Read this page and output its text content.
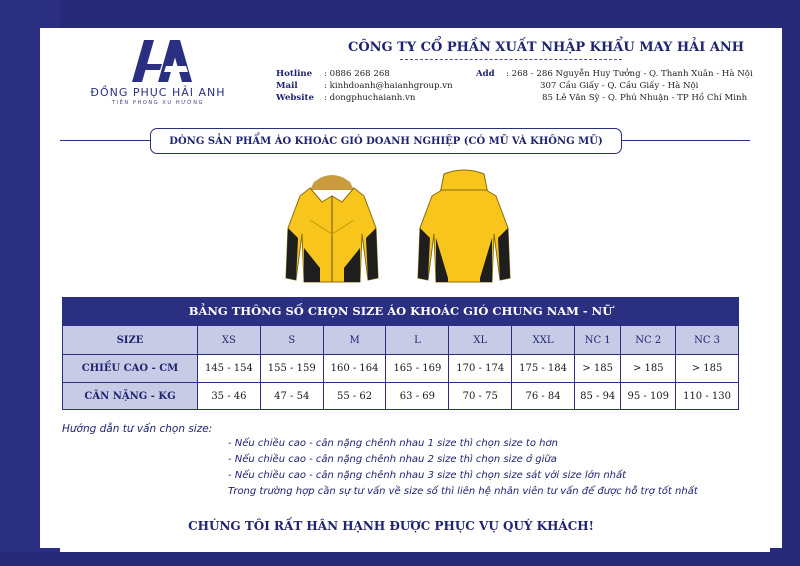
ĐỒNG PHỤC HẢI ANH
TIÊN PHONG XU HƯỚNG
CÔNG TY CỔ PHẦN XUẤT NHẬP KHẨU MAY HẢI ANH
Hotline : 0886 268 268
Mail	: kinhdoanh@haianhgroup.vn
Website : dongphuchaianh.vn
Add : 268 - 286 Nguyễn Huy Tưởng - Q. Thanh Xuân - Hà Nội
307 Cầu Giấy - Q. Cầu Giấy - Hà Nội
85 Lê Văn Sỹ - Q. Phú Nhuận - TP Hồ Chí Minh
DÒNG SẢN PHẨM ÁO KHOÁC GIÓ DOANH NGHIỆP (CÓ MŨ VÀ KHÔNG MŨ)
BẢNG THÔNG SỐ CHỌN SIZE ÁO KHOÁC GIÓ CHUNG NAM - NỮ
SIZE	XS	S	M	L	XL	XXL	NC 1	NC 2	NC 3
CHIỀU CAO - CM	145 - 154	155 - 159	160 - 164	165 - 169	170 - 174	175 - 184	> 185	> 185	> 185
CÂN NẶNG - KG	35 - 46	47 - 54	55 - 62	63 - 69	70 - 75	76 - 84	85 - 94	95 - 109	110 - 130
Hướng dẫn tư vấn chọn size:
- Nếu chiều cao - cân nặng chênh nhau 1 size thì chọn size to hơn
- Nếu chiều cao - cân nặng chênh nhau 2 size thì chọn size ở giữa
- Nếu chiều cao - cân nặng chênh nhau 3 size thì chọn size sát với size lớn nhất
Trong trường hợp cần sự tư vấn về size số thì liên hệ nhân viên tư vấn để được hỗ trợ tốt nhất
CHÚNG TÔI RẤT HÂN HẠNH ĐƯỢC PHỤC VỤ QUÝ KHÁCH!
